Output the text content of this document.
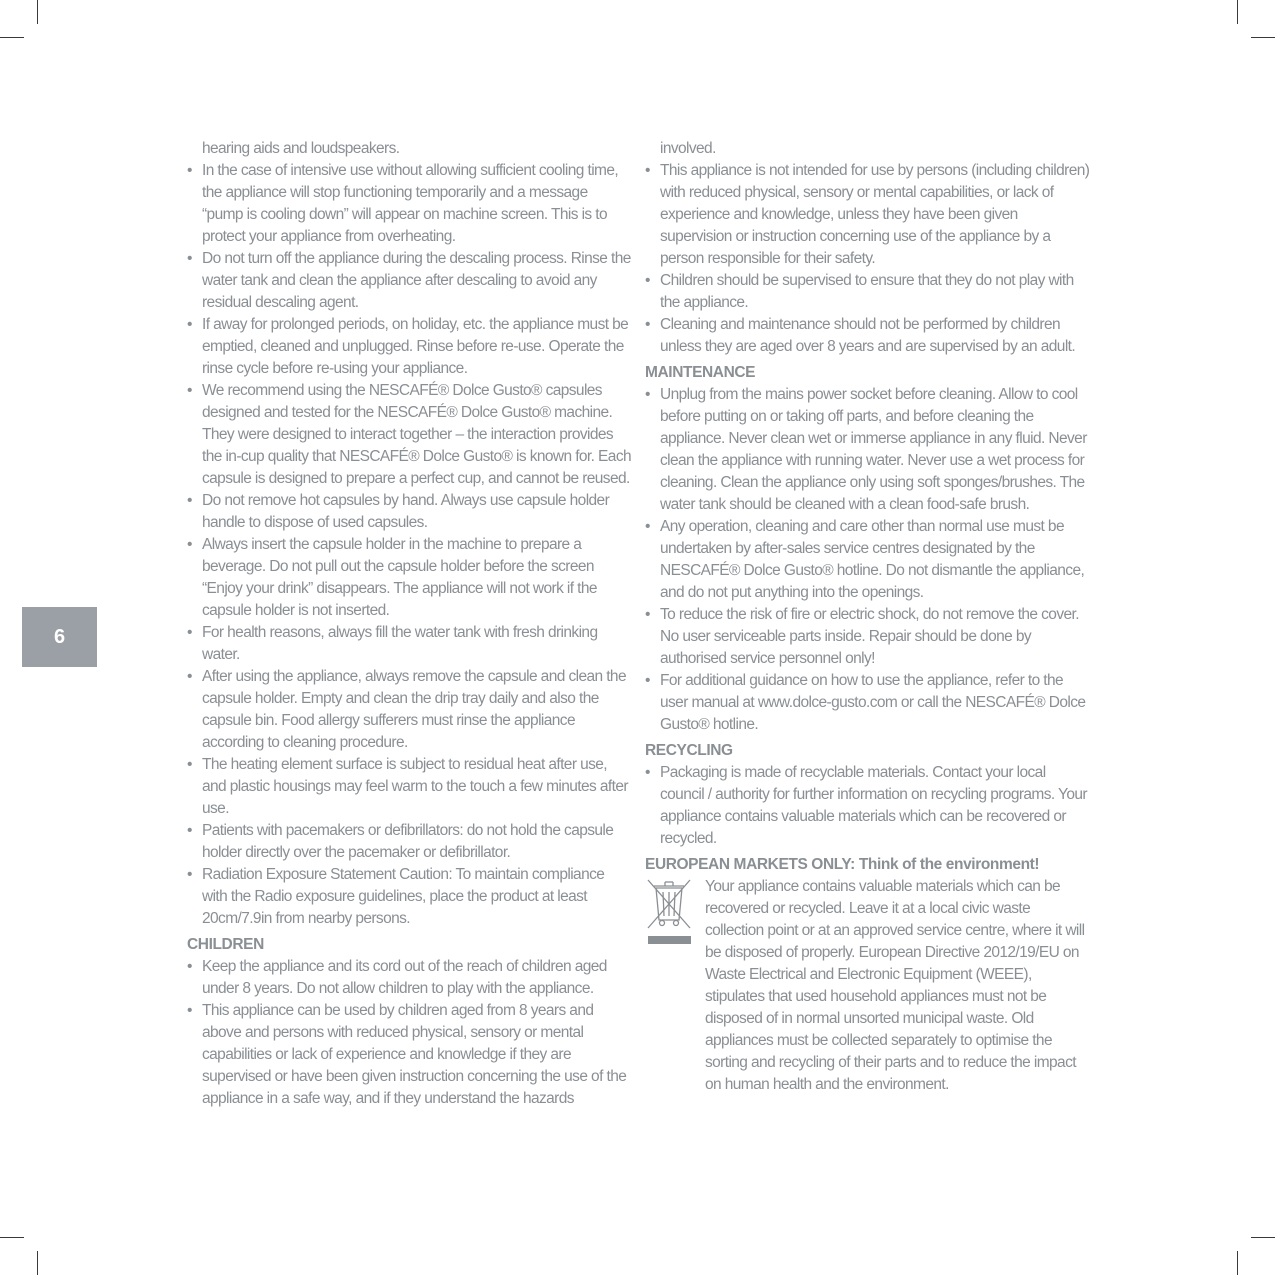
6
hearing aids and loudspeakers.
• In the case of intensive use without allowing sufficient cooling time, the appliance will stop functioning temporarily and a message “pump is cooling down” will appear on machine screen. This is to protect your appliance from overheating.
• Do not turn off the appliance during the descaling process. Rinse the water tank and clean the appliance after descaling to avoid any residual descaling agent.
• If away for prolonged periods, on holiday, etc. the appliance must be emptied, cleaned and unplugged. Rinse before re-use. Operate the rinse cycle before re-using your appliance.
• We recommend using the NESCAFÉ® Dolce Gusto® capsules designed and tested for the NESCAFÉ® Dolce Gusto® machine. They were designed to interact together – the interaction provides the in-cup quality that NESCAFÉ® Dolce Gusto® is known for. Each capsule is designed to prepare a perfect cup, and cannot be reused.
• Do not remove hot capsules by hand. Always use capsule holder handle to dispose of used capsules.
• Always insert the capsule holder in the machine to prepare a beverage. Do not pull out the capsule holder before the screen “Enjoy your drink” disappears. The appliance will not work if the capsule holder is not inserted.
• For health reasons, always fill the water tank with fresh drinking water.
• After using the appliance, always remove the capsule and clean the capsule holder. Empty and clean the drip tray daily and also the capsule bin. Food allergy sufferers must rinse the appliance according to cleaning procedure.
• The heating element surface is subject to residual heat after use, and plastic housings may feel warm to the touch a few minutes after use.
• Patients with pacemakers or defibrillators: do not hold the capsule holder directly over the pacemaker or defibrillator.
• Radiation Exposure Statement Caution: To maintain compliance with the Radio exposure guidelines, place the product at least 20cm/7.9in from nearby persons.
CHILDREN
• Keep the appliance and its cord out of the reach of children aged under 8 years. Do not allow children to play with the appliance.
• This appliance can be used by children aged from 8 years and above and persons with reduced physical, sensory or mental capabilities or lack of experience and knowledge if they are supervised or have been given instruction concerning the use of the appliance in a safe way, and if they understand the hazards
involved.
• This appliance is not intended for use by persons (including children) with reduced physical, sensory or mental capabilities, or lack of experience and knowledge, unless they have been given supervision or instruction concerning use of the appliance by a person responsible for their safety.
• Children should be supervised to ensure that they do not play with the appliance.
• Cleaning and maintenance should not be performed by children unless they are aged over 8 years and are supervised by an adult.
MAINTENANCE
• Unplug from the mains power socket before cleaning. Allow to cool before putting on or taking off parts, and before cleaning the appliance. Never clean wet or immerse appliance in any fluid. Never clean the appliance with running water. Never use a wet process for cleaning. Clean the appliance only using soft sponges/brushes. The water tank should be cleaned with a clean food-safe brush.
• Any operation, cleaning and care other than normal use must be undertaken by after-sales service centres designated by the NESCAFÉ® Dolce Gusto® hotline. Do not dismantle the appliance, and do not put anything into the openings.
• To reduce the risk of fire or electric shock, do not remove the cover. No user serviceable parts inside. Repair should be done by authorised service personnel only!
• For additional guidance on how to use the appliance, refer to the user manual at www.dolce-gusto.com or call the NESCAFÉ® Dolce Gusto® hotline.
RECYCLING
• Packaging is made of recyclable materials. Contact your local council / authority for further information on recycling programs. Your appliance contains valuable materials which can be recovered or recycled.
EUROPEAN MARKETS ONLY: Think of the environment!
Your appliance contains valuable materials which can be recovered or recycled. Leave it at a local civic waste collection point or at an approved service centre, where it will be disposed of properly. European Directive 2012/19/EU on Waste Electrical and Electronic Equipment (WEEE), stipulates that used household appliances must not be disposed of in normal unsorted municipal waste. Old appliances must be collected separately to optimise the sorting and recycling of their parts and to reduce the impact on human health and the environment.
